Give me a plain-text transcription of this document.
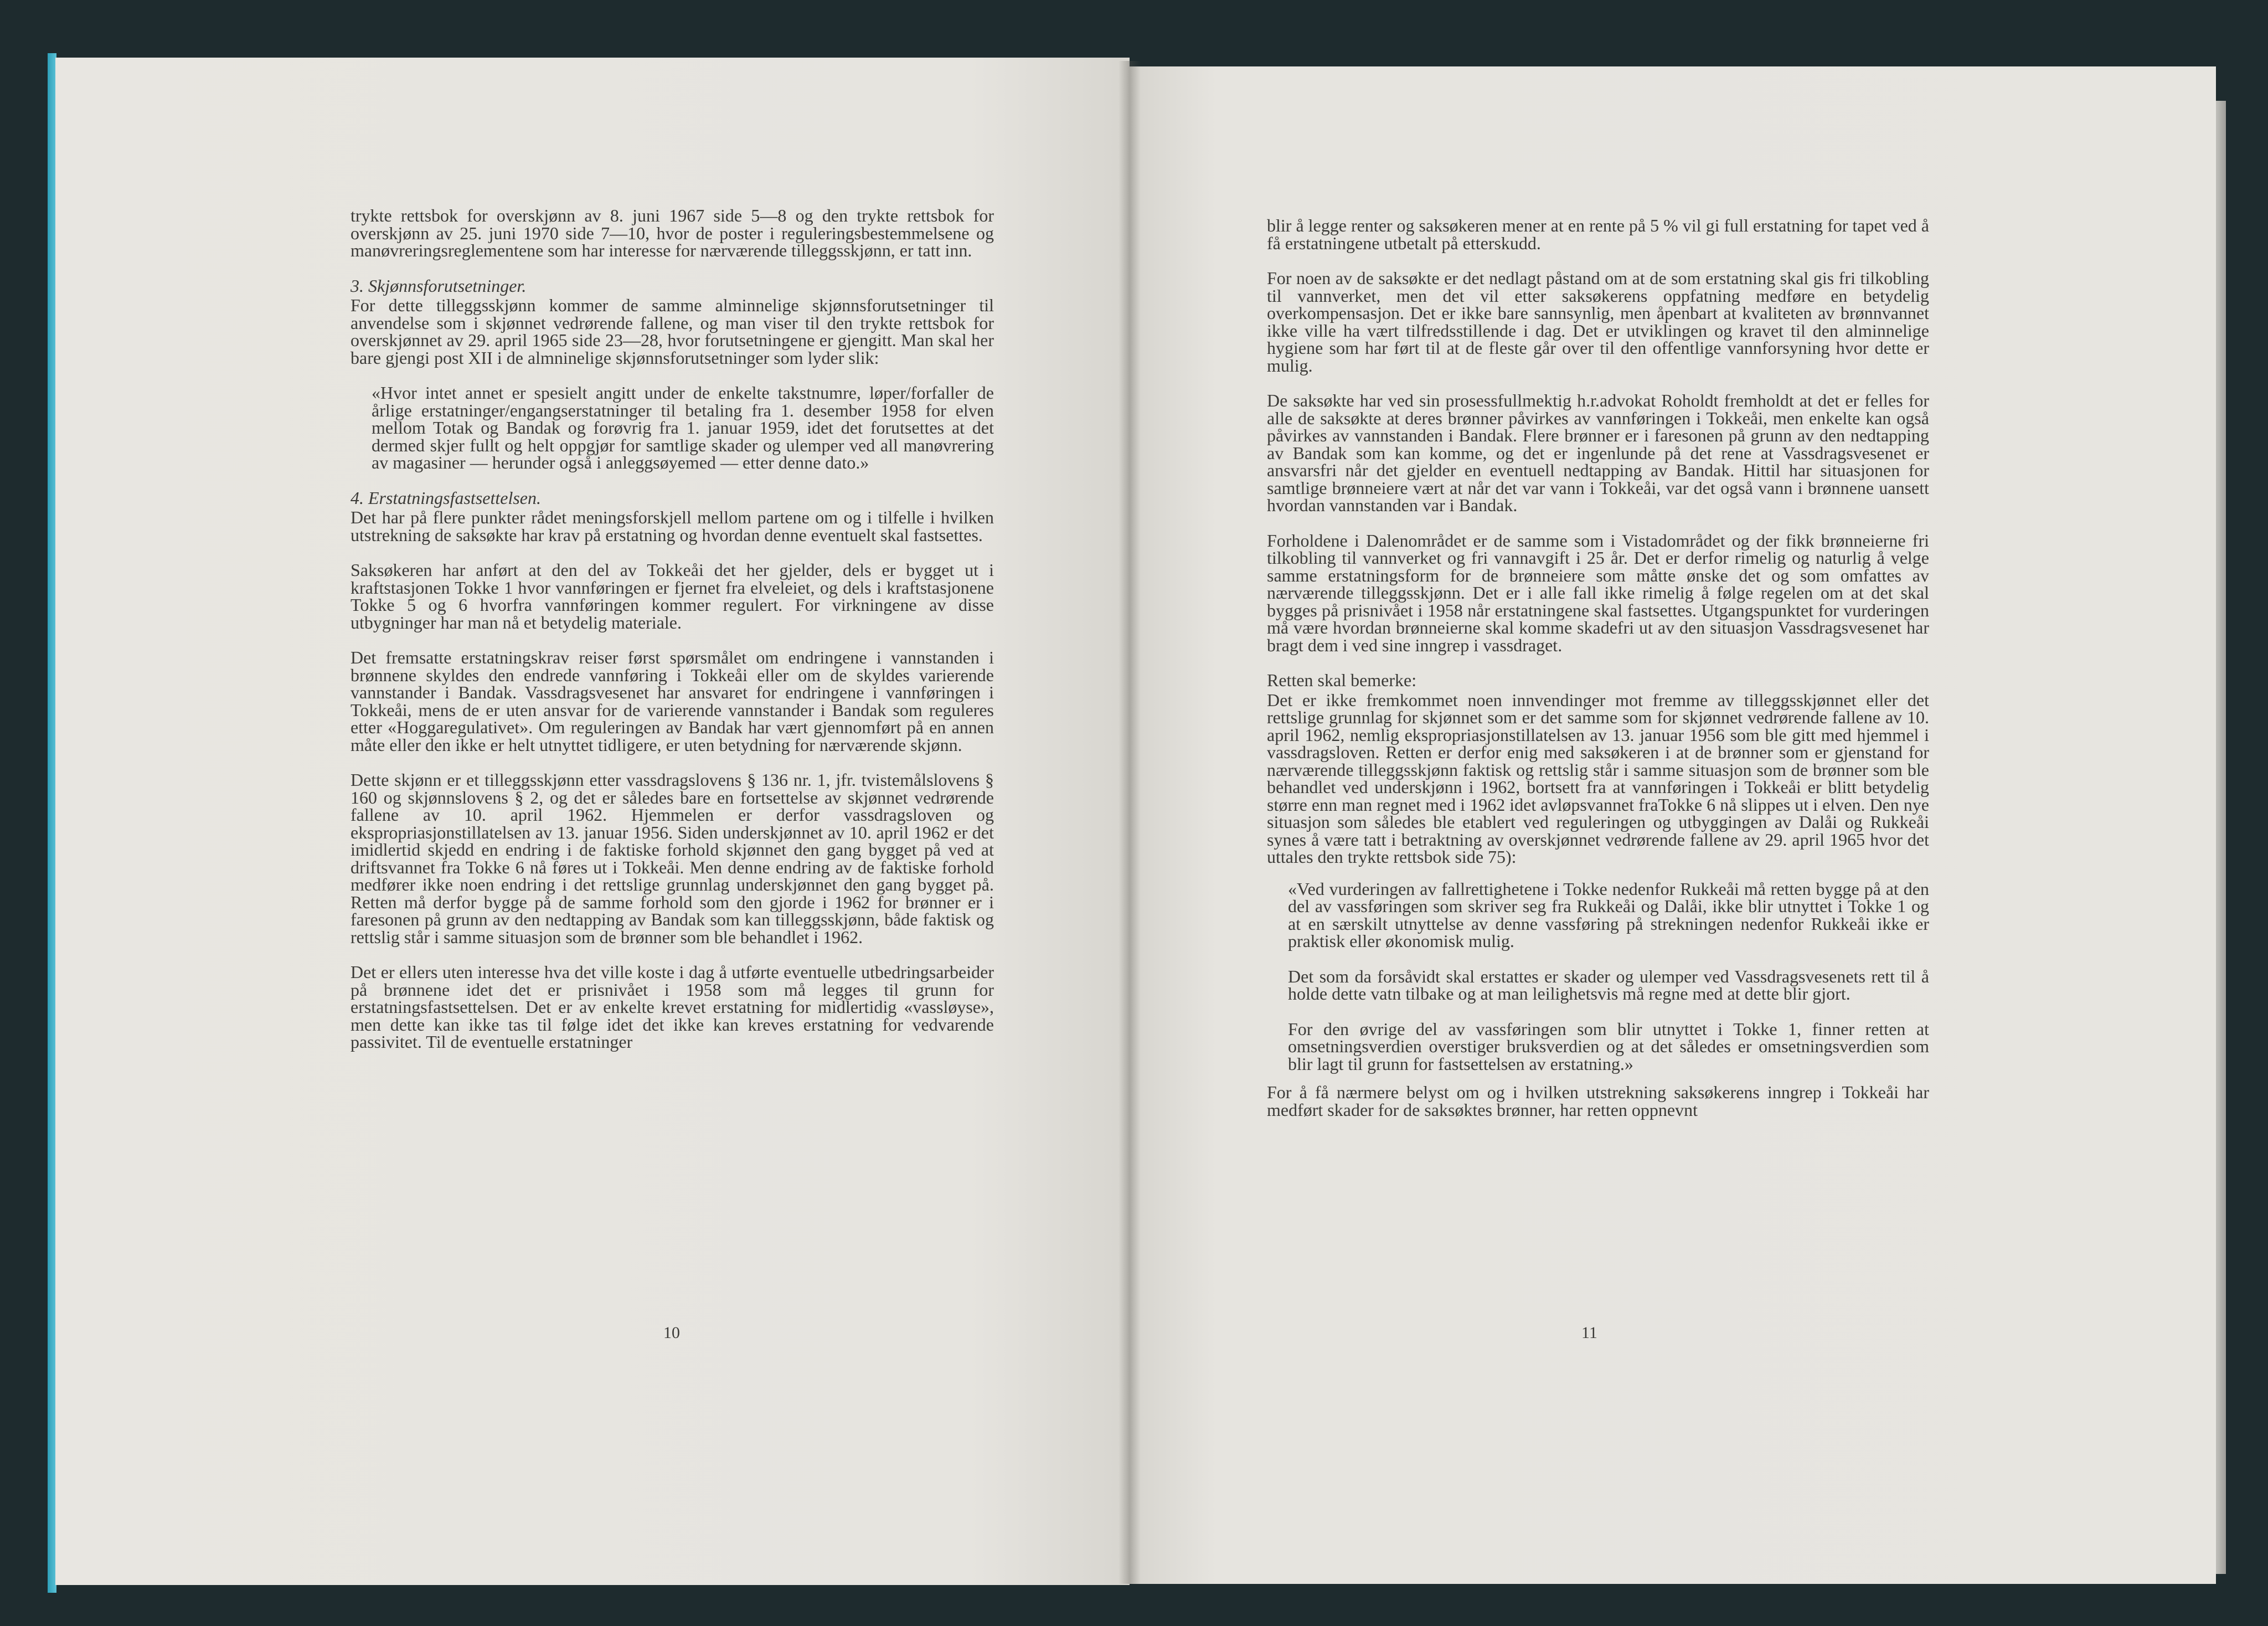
trykte rettsbok for overskjønn av 8. juni 1967 side 5—8 og den trykte rettsbok for overskjønn av 25. juni 1970 side 7—10, hvor de poster i reguleringsbestemmelsene og manøvreringsreglementene som har interesse for nærværende tilleggsskjønn, er tatt inn.

3. Skjønnsforutsetninger.

For dette tilleggsskjønn kommer de samme alminnelige skjønnsforutsetninger til anvendelse som i skjønnet vedrørende fallene, og man viser til den trykte rettsbok for overskjønnet av 29. april 1965 side 23—28, hvor forutsetningene er gjengitt. Man skal her bare gjengi post XII i de almninelige skjønnsforutsetninger som lyder slik:

«Hvor intet annet er spesielt angitt under de enkelte takstnumre, løper/forfaller de årlige erstatninger/engangserstatninger til betaling fra 1. desember 1958 for elven mellom Totak og Bandak og forøvrig fra 1. januar 1959, idet det forutsettes at det dermed skjer fullt og helt oppgjør for samtlige skader og ulemper ved all manøvrering av magasiner — herunder også i anleggsøyemed — etter denne dato.»

4. Erstatningsfastsettelsen.

Det har på flere punkter rådet meningsforskjell mellom partene om og i tilfelle i hvilken utstrekning de saksøkte har krav på erstatning og hvordan denne eventuelt skal fastsettes.

Saksøkeren har anført at den del av Tokkeåi det her gjelder, dels er bygget ut i kraftstasjonen Tokke 1 hvor vannføringen er fjernet fra elveleiet, og dels i kraftstasjonene Tokke 5 og 6 hvorfra vannføringen kommer regulert. For virkningene av disse utbygninger har man nå et betydelig materiale.

Det fremsatte erstatningskrav reiser først spørsmålet om endringene i vannstanden i brønnene skyldes den endrede vannføring i Tokkeåi eller om de skyldes varierende vannstander i Bandak. Vassdragsvesenet har ansvaret for endringene i vannføringen i Tokkeåi, mens de er uten ansvar for de varierende vannstander i Bandak som reguleres etter «Hoggaregulativet». Om reguleringen av Bandak har vært gjennomført på en annen måte eller den ikke er helt utnyttet tidligere, er uten betydning for nærværende skjønn.

Dette skjønn er et tilleggsskjønn etter vassdragslovens § 136 nr. 1, jfr. tvistemålslovens § 160 og skjønnslovens § 2, og det er således bare en fortsettelse av skjønnet vedrørende fallene av 10. april 1962. Hjemmelen er derfor vassdragsloven og ekspropriasjonstillatelsen av 13. januar 1956. Siden underskjønnet av 10. april 1962 er det imidlertid skjedd en endring i de faktiske forhold skjønnet den gang bygget på ved at driftsvannet fra Tokke 6 nå føres ut i Tokkeåi. Men denne endring av de faktiske forhold medfører ikke noen endring i det rettslige grunnlag underskjønnet den gang bygget på. Retten må derfor bygge på de samme forhold som den gjorde i 1962 for brønner er i faresonen på grunn av den nedtapping av Bandak som kan tilleggsskjønn, både faktisk og rettslig står i samme situasjon som de brønner som ble behandlet i 1962.

Det er ellers uten interesse hva det ville koste i dag å utførte eventuelle utbedringsarbeider på brønnene idet det er prisnivået i 1958 som må legges til grunn for erstatningsfastsettelsen. Det er av enkelte krevet erstatning for midlertidig «vassløyse», men dette kan ikke tas til følge idet det ikke kan kreves erstatning for vedvarende passivitet. Til de eventuelle erstatninger

10

blir å legge renter og saksøkeren mener at en rente på 5 % vil gi full erstatning for tapet ved å få erstatningene utbetalt på etterskudd.

For noen av de saksøkte er det nedlagt påstand om at de som erstatning skal gis fri tilkobling til vannverket, men det vil etter saksøkerens oppfatning medføre en betydelig overkompensasjon. Det er ikke bare sannsynlig, men åpenbart at kvaliteten av brønnvannet ikke ville ha vært tilfredsstillende i dag. Det er utviklingen og kravet til den alminnelige hygiene som har ført til at de fleste går over til den offentlige vannforsyning hvor dette er mulig.

De saksøkte har ved sin prosessfullmektig h.r.advokat Roholdt fremholdt at det er felles for alle de saksøkte at deres brønner påvirkes av vannføringen i Tokkeåi, men enkelte kan også påvirkes av vannstanden i Bandak. Flere brønner er i faresonen på grunn av den nedtapping av Bandak som kan komme, og det er ingenlunde på det rene at Vassdragsvesenet er ansvarsfri når det gjelder en eventuell nedtapping av Bandak. Hittil har situasjonen for samtlige brønneiere vært at når det var vann i Tokkeåi, var det også vann i brønnene uansett hvordan vannstanden var i Bandak.

Forholdene i Dalenområdet er de samme som i Vistadområdet og der fikk brønneierne fri tilkobling til vannverket og fri vannavgift i 25 år. Det er derfor rimelig og naturlig å velge samme erstatningsform for de brønneiere som måtte ønske det og som omfattes av nærværende tilleggsskjønn. Det er i alle fall ikke rimelig å følge regelen om at det skal bygges på prisnivået i 1958 når erstatningene skal fastsettes. Utgangspunktet for vurderingen må være hvordan brønneierne skal komme skadefri ut av den situasjon Vassdragsvesenet har bragt dem i ved sine inngrep i vassdraget.

Retten skal bemerke:

Det er ikke fremkommet noen innvendinger mot fremme av tilleggsskjønnet eller det rettslige grunnlag for skjønnet som er det samme som for skjønnet vedrørende fallene av 10. april 1962, nemlig ekspropriasjonstillatelsen av 13. januar 1956 som ble gitt med hjemmel i vassdragsloven. Retten er derfor enig med saksøkeren i at de brønner som er gjenstand for nærværende tilleggsskjønn faktisk og rettslig står i samme situasjon som de brønner som ble behandlet ved underskjønn i 1962, bortsett fra at vannføringen i Tokkeåi er blitt betydelig større enn man regnet med i 1962 idet avløpsvannet fraTokke 6 nå slippes ut i elven. Den nye situasjon som således ble etablert ved reguleringen og utbyggingen av Dalåi og Rukkeåi synes å være tatt i betraktning av overskjønnet vedrørende fallene av 29. april 1965 hvor det uttales den trykte rettsbok side 75):

«Ved vurderingen av fallrettighetene i Tokke nedenfor Rukkeåi må retten bygge på at den del av vassføringen som skriver seg fra Rukkeåi og Dalåi, ikke blir utnyttet i Tokke 1 og at en særskilt utnyttelse av denne vassføring på strekningen nedenfor Rukkeåi ikke er praktisk eller økonomisk mulig.

Det som da forsåvidt skal erstattes er skader og ulemper ved Vassdragsvesenets rett til å holde dette vatn tilbake og at man leilighetsvis må regne med at dette blir gjort.

For den øvrige del av vassføringen som blir utnyttet i Tokke 1, finner retten at omsetningsverdien overstiger bruksverdien og at det således er omsetningsverdien som blir lagt til grunn for fastsettelsen av erstatning.»

For å få nærmere belyst om og i hvilken utstrekning saksøkerens inngrep i Tokkeåi har medført skader for de saksøktes brønner, har retten oppnevnt

11
